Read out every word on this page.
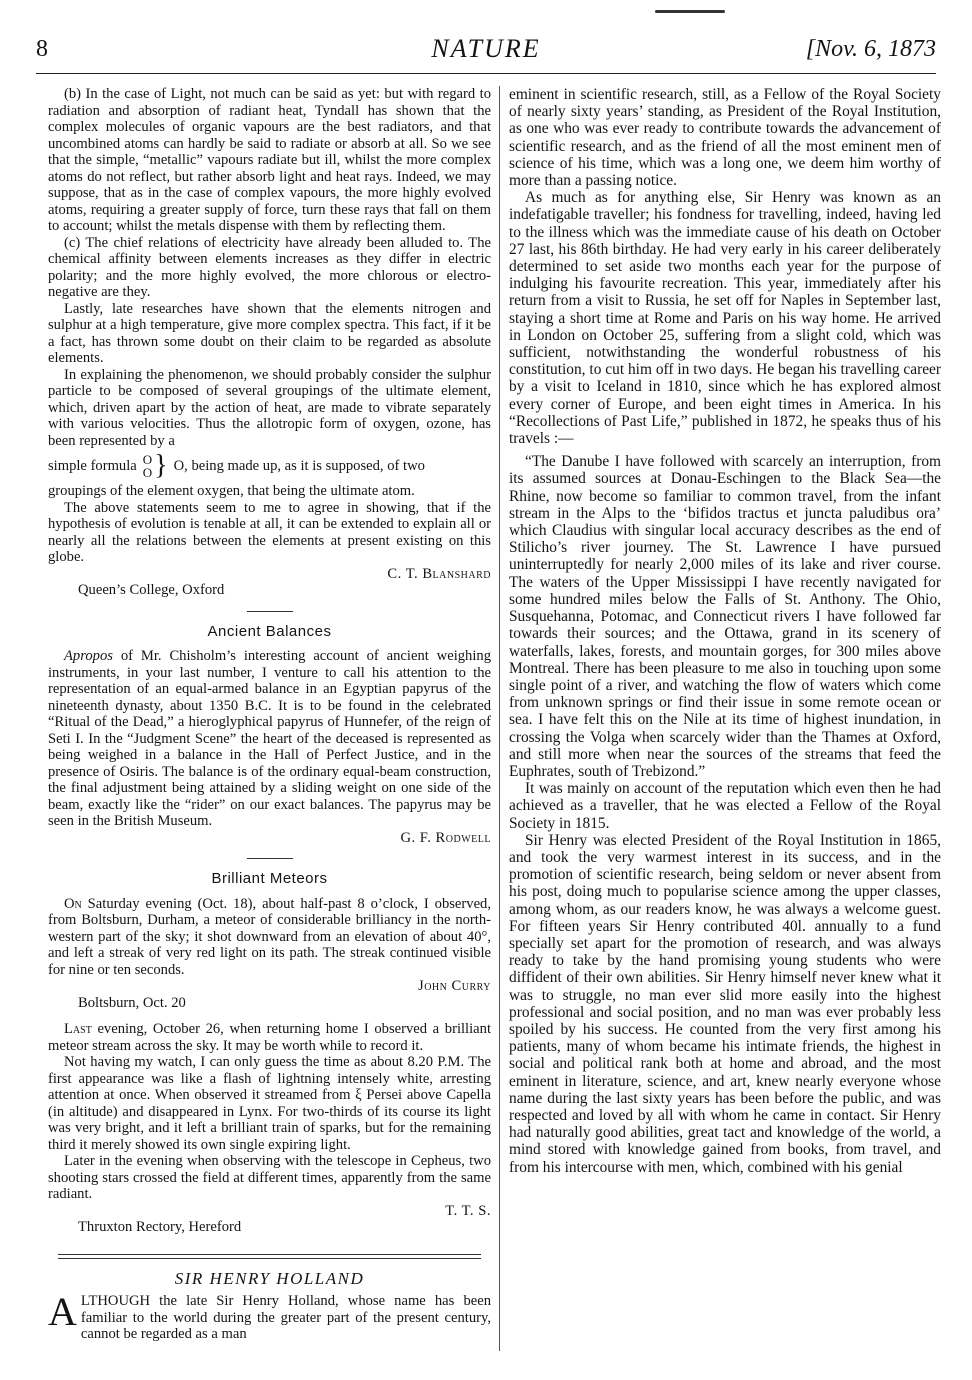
8	NATURE	[Nov. 6, 1873

(b) In the case of Light, not much can be said as yet: but with regard to radiation and absorption of radiant heat, Tyndall has shown that the complex molecules of organic vapours are the best radiators, and that uncombined atoms can hardly be said to radiate or absorb at all. So we see that the simple, “metallic” vapours radiate but ill, whilst the more complex atoms do not reflect, but rather absorb light and heat rays. Indeed, we may suppose, that as in the case of complex vapours, the more highly evolved atoms, requiring a greater supply of force, turn these rays that fall on them to account; whilst the metals dispense with them by reflecting them.

(c) The chief relations of electricity have already been alluded to. The chemical affinity between elements increases as they differ in electric polarity; and the more highly evolved, the more chlorous or electro-negative are they.

Lastly, late researches have shown that the elements nitrogen and sulphur at a high temperature, give more complex spectra. This fact, if it be a fact, has thrown some doubt on their claim to be regarded as absolute elements.

In explaining the phenomenon, we should probably consider the sulphur particle to be composed of several groupings of the ultimate element, which, driven apart by the action of heat, are made to vibrate separately with various velocities. Thus the allotropic form of oxygen, ozone, has been represented by a

simple formula O
O } O, being made up, as it is supposed, of two

groupings of the element oxygen, that being the ultimate atom.

The above statements seem to me to agree in showing, that if the hypothesis of evolution is tenable at all, it can be extended to explain all or nearly all the relations between the elements at present existing on this globe.

C. T. Blanshard

Queen’s College, Oxford

Ancient Balances

Apropos of Mr. Chisholm’s interesting account of ancient weighing instruments, in your last number, I venture to call his attention to the representation of an equal-armed balance in an Egyptian papyrus of the nineteenth dynasty, about 1350 B.C. It is to be found in the celebrated “Ritual of the Dead,” a hieroglyphical papyrus of Hunnefer, of the reign of Seti I. In the “Judgment Scene” the heart of the deceased is represented as being weighed in a balance in the Hall of Perfect Justice, and in the presence of Osiris. The balance is of the ordinary equal-beam construction, the final adjustment being attained by a sliding weight on one side of the beam, exactly like the “rider” on our exact balances. The papyrus may be seen in the British Museum.

G. F. Rodwell
Brilliant Meteors

On Saturday evening (Oct. 18), about half-past 8 o’clock, I observed, from Boltsburn, Durham, a meteor of considerable brilliancy in the north-western part of the sky; it shot downward from an elevation of about 40°, and left a streak of very red light on its path. The streak continued visible for nine or ten seconds.

John Curry

Boltsburn, Oct. 20

Last evening, October 26, when returning home I observed a brilliant meteor stream across the sky. It may be worth while to record it.

Not having my watch, I can only guess the time as about 8.20 P.M. The first appearance was like a flash of lightning intensely white, arresting attention at once. When observed it streamed from ξ Persei above Capella (in altitude) and disappeared in Lynx. For two-thirds of its course its light was very bright, and it left a brilliant train of sparks, but for the remaining third it merely showed its own single expiring light.

Later in the evening when observing with the telescope in Cepheus, two shooting stars crossed the field at different times, apparently from the same radiant.

T. T. S.

Thruxton Rectory, Hereford

SIR HENRY HOLLAND

ALTHOUGH the late Sir Henry Holland, whose name has been familiar to the world during the greater part of the present century, cannot be regarded as a man

eminent in scientific research, still, as a Fellow of the Royal Society of nearly sixty years’ standing, as President of the Royal Institution, as one who was ever ready to contribute towards the advancement of scientific research, and as the friend of all the most eminent men of science of his time, which was a long one, we deem him worthy of more than a passing notice.

As much as for anything else, Sir Henry was known as an indefatigable traveller; his fondness for travelling, indeed, having led to the illness which was the immediate cause of his death on October 27 last, his 86th birthday. He had very early in his career deliberately determined to set aside two months each year for the purpose of indulging his favourite recreation. This year, immediately after his return from a visit to Russia, he set off for Naples in September last, staying a short time at Rome and Paris on his way home. He arrived in London on October 25, suffering from a slight cold, which was sufficient, notwithstanding the wonderful robustness of his constitution, to cut him off in two days. He began his travelling career by a visit to Iceland in 1810, since which he has explored almost every corner of Europe, and been eight times in America. In his “Recollections of Past Life,” published in 1872, he speaks thus of his travels :—

“The Danube I have followed with scarcely an interruption, from its assumed sources at Donau-Eschingen to the Black Sea—the Rhine, now become so familiar to common travel, from the infant stream in the Alps to the ‘bifidos tractus et juncta paludibus ora’ which Claudius with singular local accuracy describes as the end of Stilicho’s river journey. The St. Lawrence I have pursued uninterruptedly for nearly 2,000 miles of its lake and river course. The waters of the Upper Mississippi I have recently navigated for some hundred miles below the Falls of St. Anthony. The Ohio, Susquehanna, Potomac, and Connecticut rivers I have followed far towards their sources; and the Ottawa, grand in its scenery of waterfalls, lakes, forests, and mountain gorges, for 300 miles above Montreal. There has been pleasure to me also in touching upon some single point of a river, and watching the flow of waters which come from unknown springs or find their issue in some remote ocean or sea. I have felt this on the Nile at its time of highest inundation, in crossing the Volga when scarcely wider than the Thames at Oxford, and still more when near the sources of the streams that feed the Euphrates, south of Trebizond.”

It was mainly on account of the reputation which even then he had achieved as a traveller, that he was elected a Fellow of the Royal Society in 1815.

Sir Henry was elected President of the Royal Institution in 1865, and took the very warmest interest in its success, and in the promotion of scientific research, being seldom or never absent from his post, doing much to popularise science among the upper classes, among whom, as our readers know, he was always a welcome guest. For fifteen years Sir Henry contributed 40l. annually to a fund specially set apart for the promotion of research, and was always ready to take by the hand promising young students who were diffident of their own abilities. Sir Henry himself never knew what it was to struggle, no man ever slid more easily into the highest professional and social position, and no man was ever probably less spoiled by his success. He counted from the very first among his patients, many of whom became his intimate friends, the highest in social and political rank both at home and abroad, and the most eminent in literature, science, and art, knew nearly everyone whose name during the last sixty years has been before the public, and was respected and loved by all with whom he came in contact. Sir Henry had naturally good abilities, great tact and knowledge of the world, a mind stored with knowledge gained from books, from travel, and from his intercourse with men, which, combined with his genial
